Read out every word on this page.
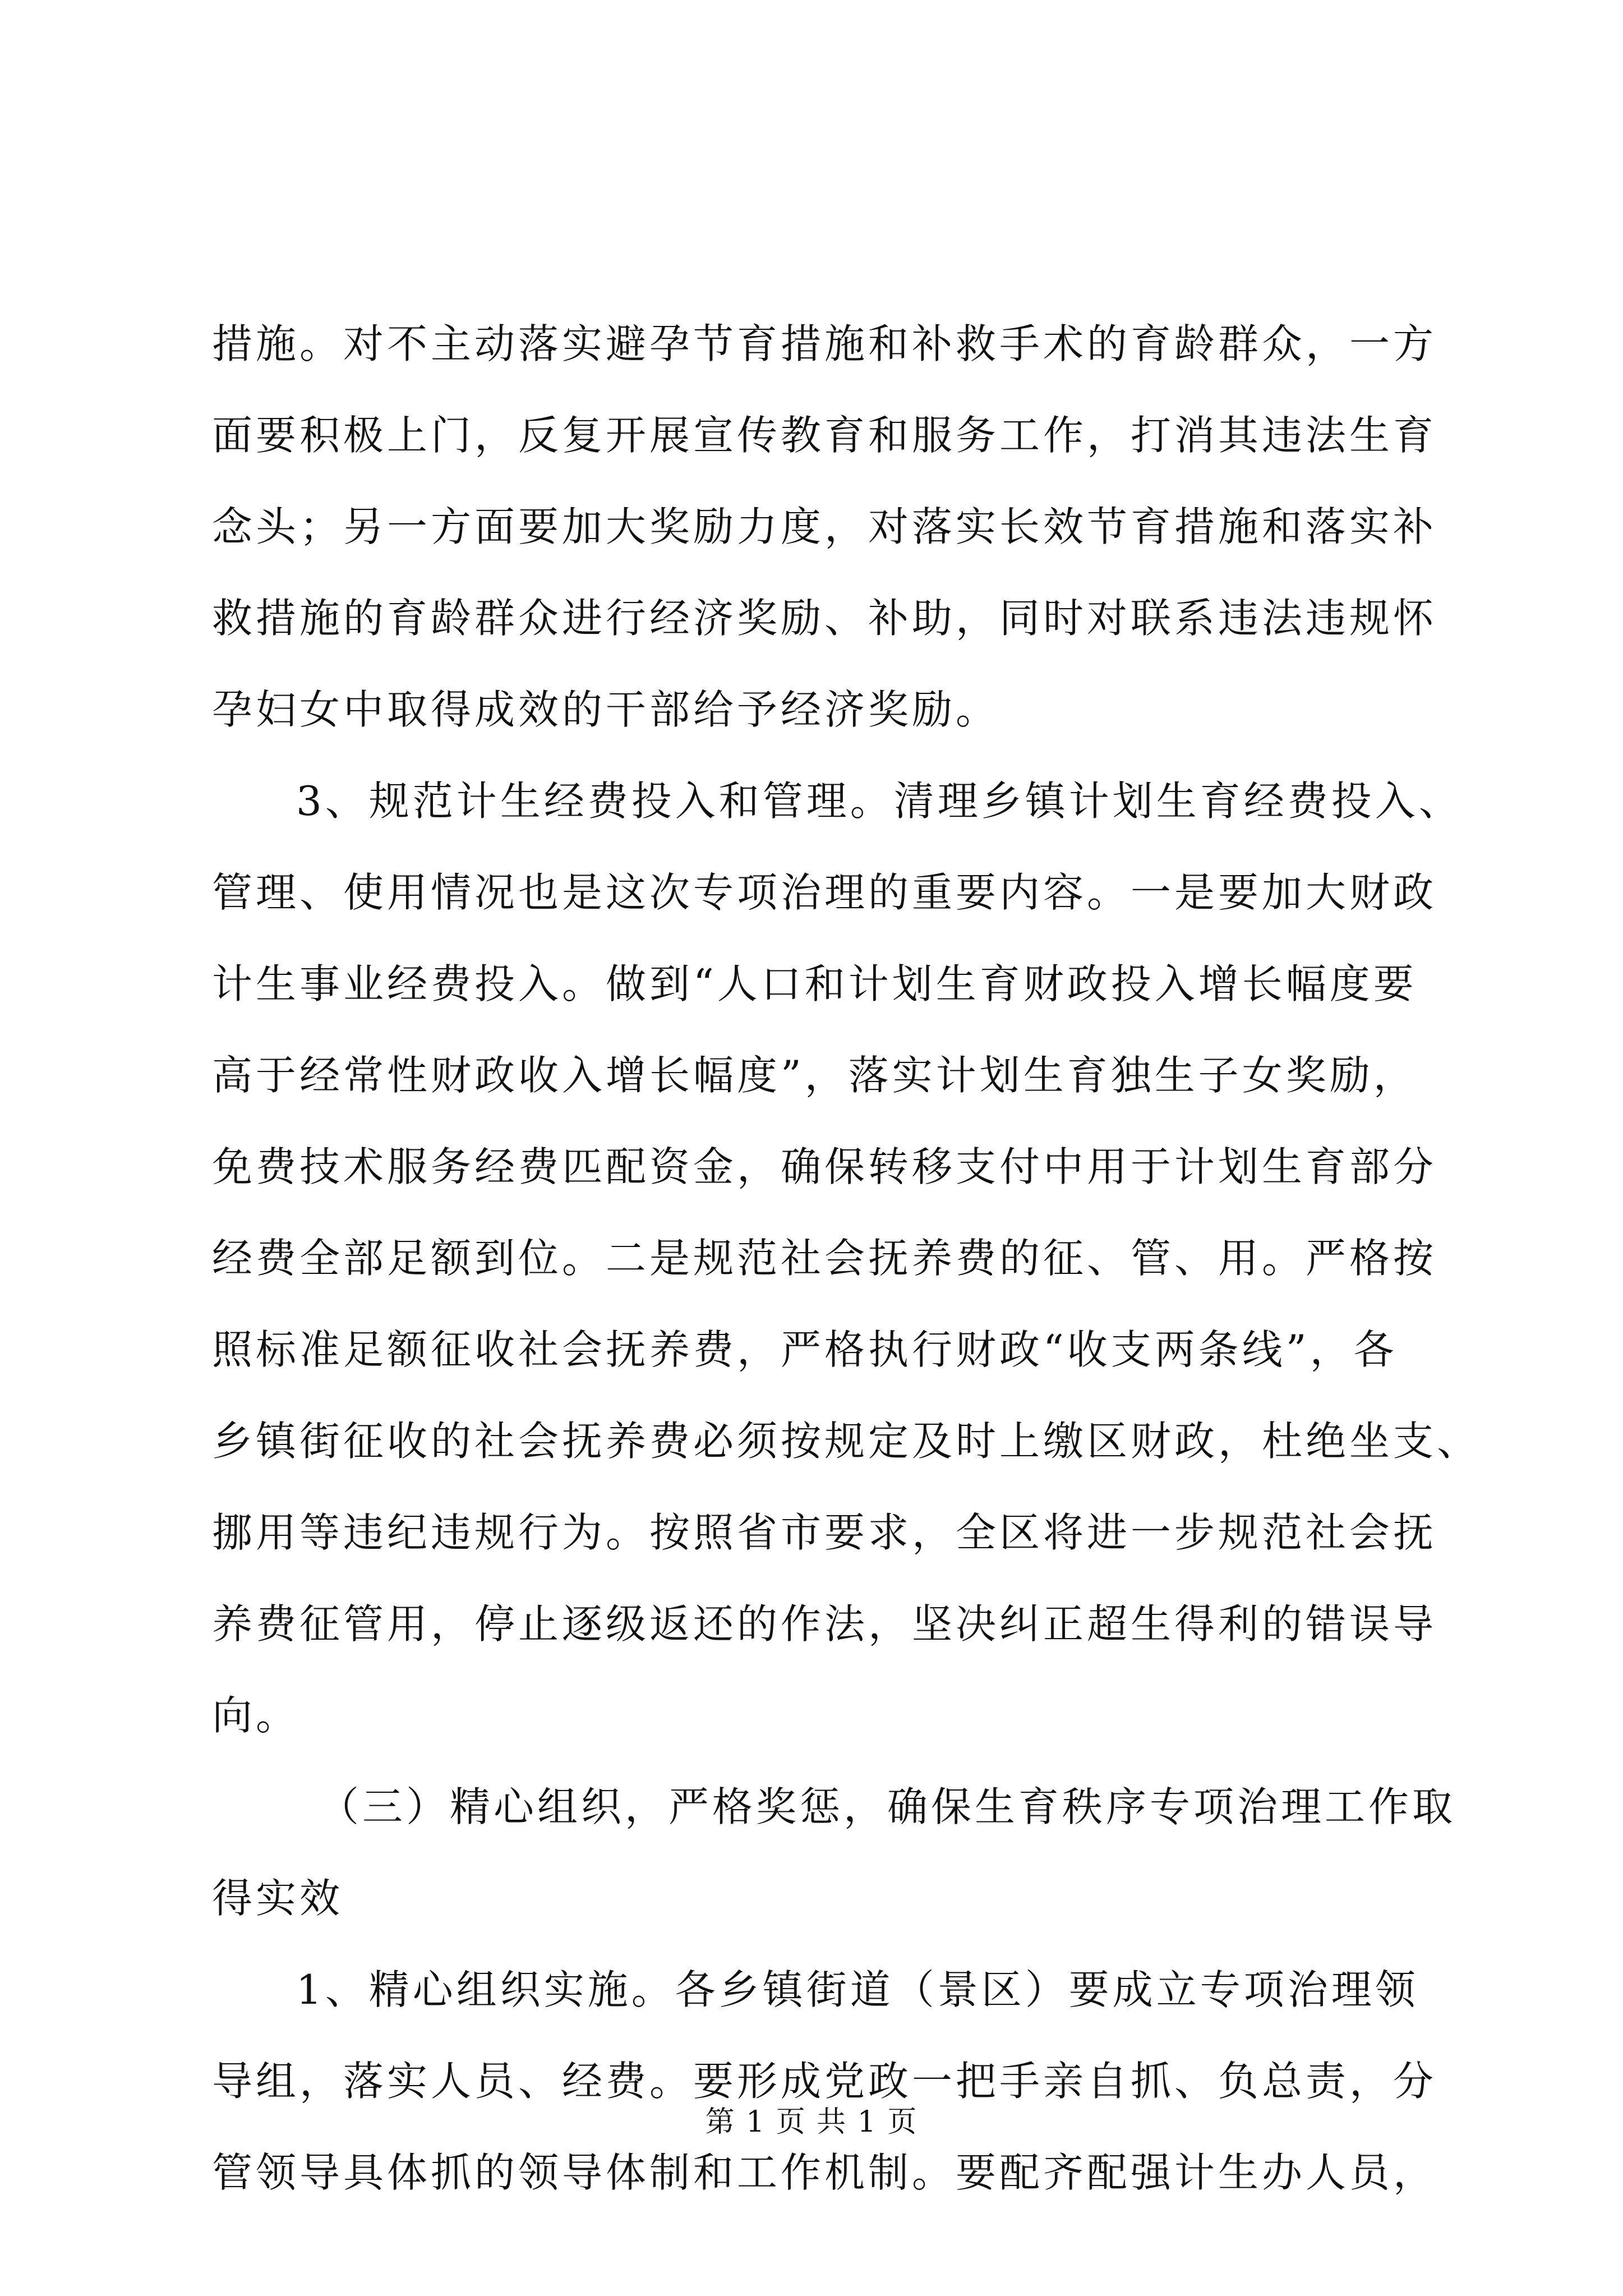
措施。对不主动落实避孕节育措施和补救手术的育龄群众，一方
面要积极上门，反复开展宣传教育和服务工作，打消其违法生育
念头；另一方面要加大奖励力度，对落实长效节育措施和落实补
救措施的育龄群众进行经济奖励、补助，同时对联系违法违规怀
孕妇女中取得成效的干部给予经济奖励。
3、规范计生经费投入和管理。清理乡镇计划生育经费投入、
管理、使用情况也是这次专项治理的重要内容。一是要加大财政
计生事业经费投入。做到“人口和计划生育财政投入增长幅度要
高于经常性财政收入增长幅度”，落实计划生育独生子女奖励，
免费技术服务经费匹配资金，确保转移支付中用于计划生育部分
经费全部足额到位。二是规范社会抚养费的征、管、用。严格按
照标准足额征收社会抚养费，严格执行财政“收支两条线”，各
乡镇街征收的社会抚养费必须按规定及时上缴区财政，杜绝坐支、
挪用等违纪违规行为。按照省市要求，全区将进一步规范社会抚
养费征管用，停止逐级返还的作法，坚决纠正超生得利的错误导
向。
（三）精心组织，严格奖惩，确保生育秩序专项治理工作取
得实效
1、精心组织实施。各乡镇街道（景区）要成立专项治理领
导组，落实人员、经费。要形成党政一把手亲自抓、负总责，分
管领导具体抓的领导体制和工作机制。要配齐配强计生办人员，
第 1 页 共 1 页
